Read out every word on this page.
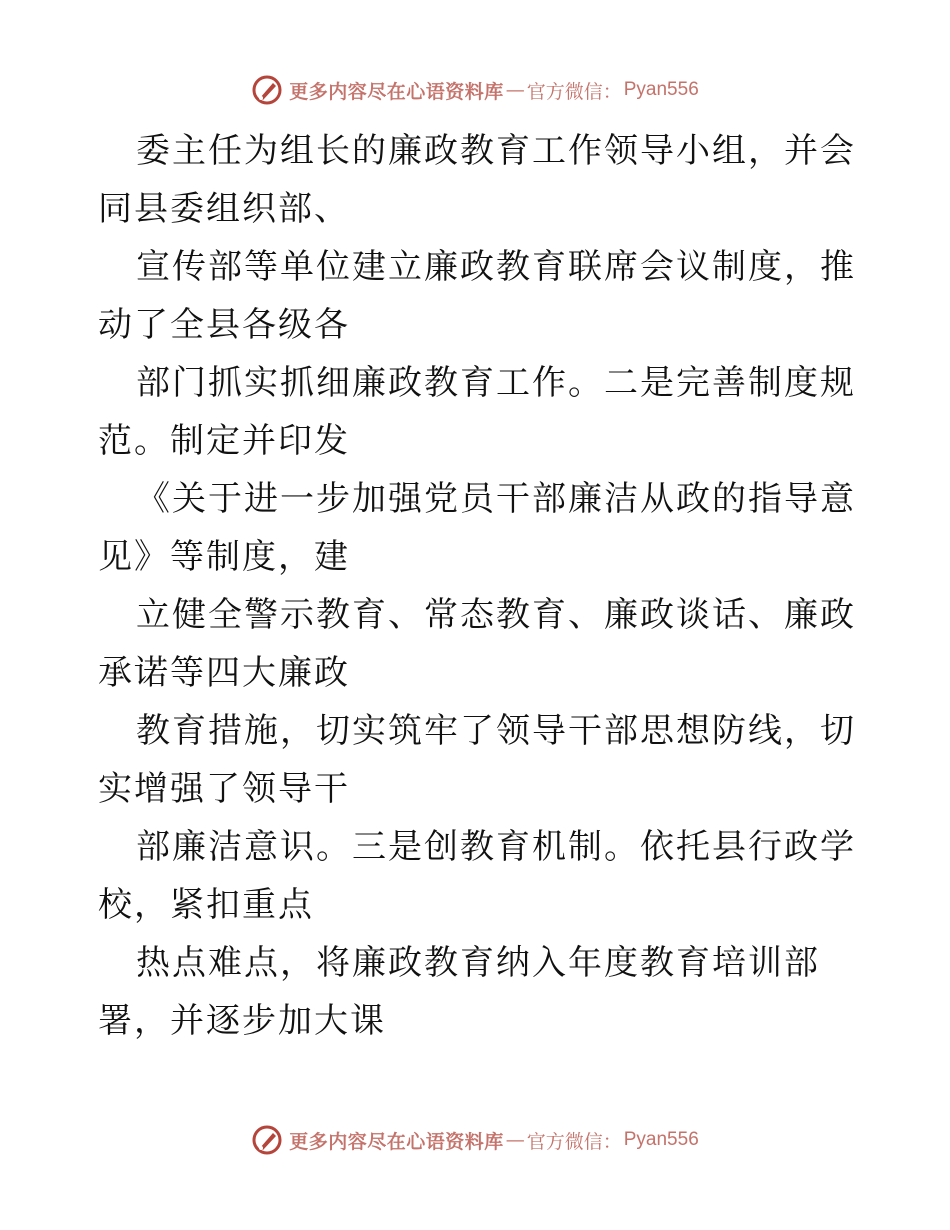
更多内容尽在心语资料库 — 官方微信： Pyan556

委主任为组长的廉政教育工作领导小组，并会同县委组织部、

宣传部等单位建立廉政教育联席会议制度，推动了全县各级各

部门抓实抓细廉政教育工作。二是完善制度规范。制定并印发

《关于进一步加强党员干部廉洁从政的指导意见》等制度，建

立健全警示教育、常态教育、廉政谈话、廉政承诺等四大廉政

教育措施，切实筑牢了领导干部思想防线，切实增强了领导干

部廉洁意识。三是创教育机制。依托县行政学校，紧扣重点

热点难点，将廉政教育纳入年度教育培训部署，并逐步加大课

更多内容尽在心语资料库 — 官方微信： Pyan556
